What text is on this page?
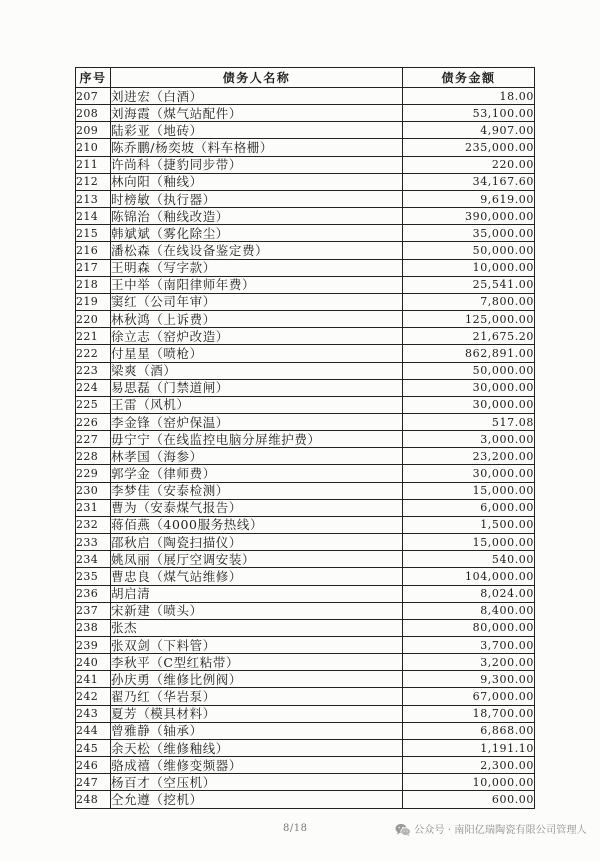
序号	债务人名称	债务金额
207	刘进宏（白酒）	18.00
208	刘海霞（煤气站配件）	53,100.00
209	陆彩亚（地砖）	4,907.00
210	陈乔鹏/杨奕坡（料车格栅）	235,000.00
211	许尚科（捷豹同步带）	220.00
212	林向阳（釉线）	34,167.60
213	时榜敏（执行器）	9,619.00
214	陈锦治（釉线改造）	390,000.00
215	韩斌斌（雾化除尘）	35,000.00
216	潘松森（在线设备鉴定费）	50,000.00
217	王明森（写字款）	10,000.00
218	王中举（南阳律师年费）	25,541.00
219	窦红（公司年审）	7,800.00
220	林秋鸿（上诉费）	125,000.00
221	徐立志（窑炉改造）	21,675.20
222	付星星（喷枪）	862,891.00
223	梁爽（酒）	50,000.00
224	易思磊（门禁道闸）	30,000.00
225	王雷（风机）	30,000.00
226	李金锋（窑炉保温）	517.08
227	毋宁宁（在线监控电脑分屏维护费）	3,000.00
228	林孝国（海参）	23,200.00
229	郭学金（律师费）	30,000.00
230	李梦佳（安泰检测）	15,000.00
231	曹为（安泰煤气报告）	6,000.00
232	蒋佰燕（4000服务热线）	1,500.00
233	邵秋启（陶瓷扫描仪）	15,000.00
234	姚凤丽（展厅空调安装）	540.00
235	曹忠良（煤气站维修）	104,000.00
236	胡启清	8,024.00
237	宋新建（喷头）	8,400.00
238	张杰	80,000.00
239	张双剑（下料管）	3,700.00
240	李秋平（C型红粘带）	3,200.00
241	孙庆勇（维修比例阀）	9,300.00
242	翟乃红（华岩泵）	67,000.00
243	夏芳（模具材料）	18,700.00
244	曾雅静（轴承）	6,868.00
245	余天松（维修釉线）	1,191.10
246	骆成禧（维修变频器）	2,300.00
247	杨百才（空压机）	10,000.00
248	仝允遵（挖机）	600.00
8/18	公众号 · 南阳亿瑞陶瓷有限公司管理人
